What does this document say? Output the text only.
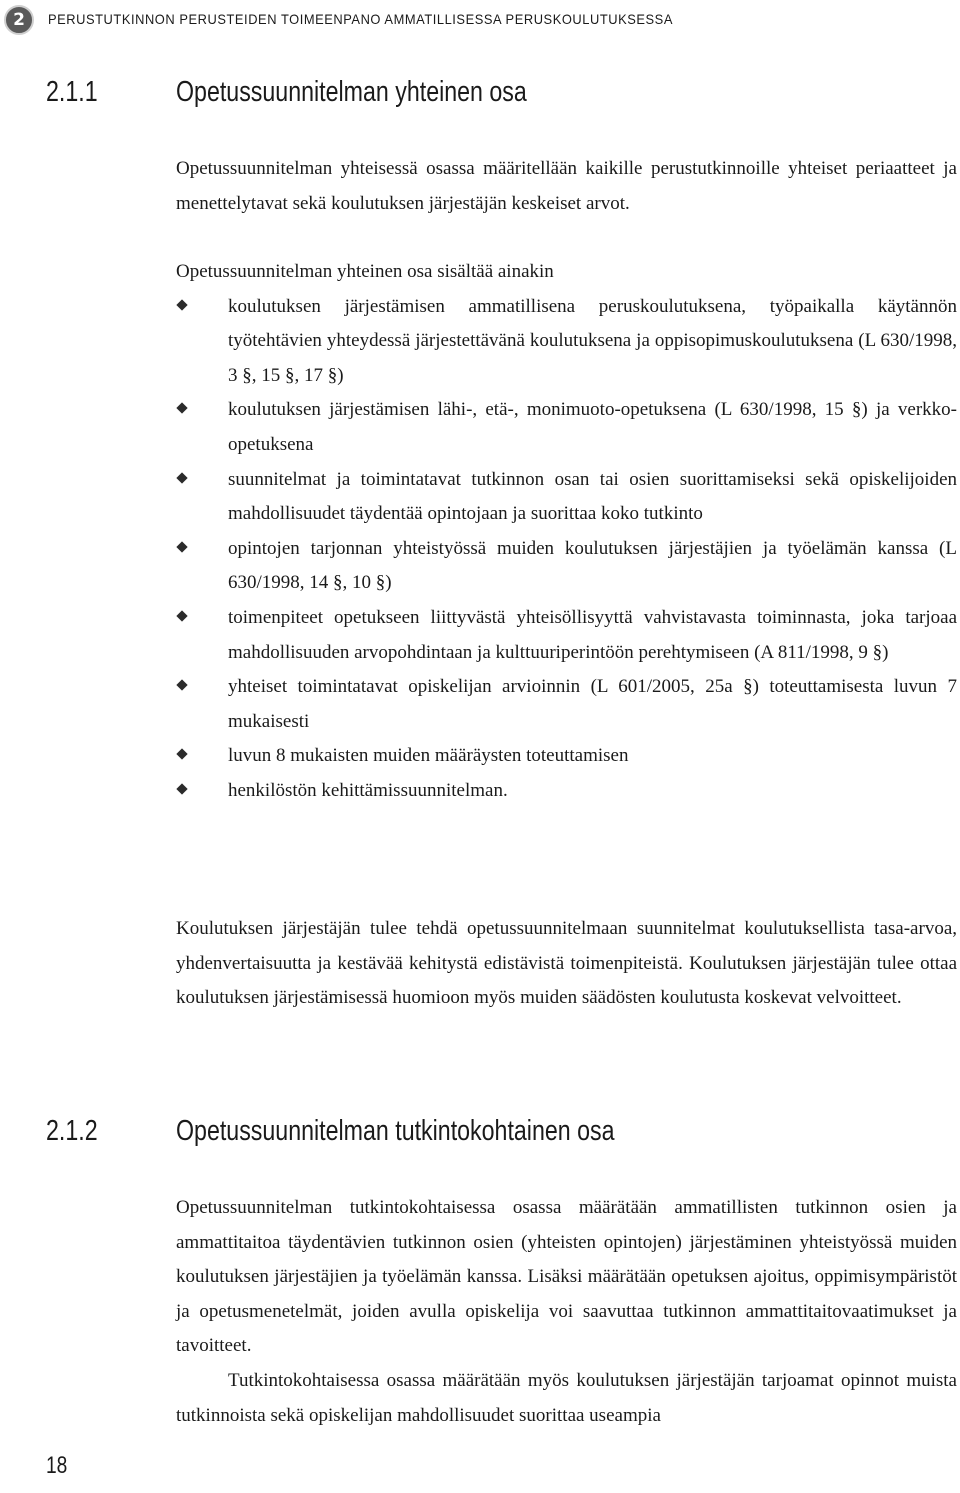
2	PERUSTUTKINNON PERUSTEIDEN TOIMEENPANO AMMATILLISESSA PERUSKOULUTUKSESSA
2.1.1	Opetussuunnitelman yhteinen osa

Opetussuunnitelman yhteisessä osassa määritellään kaikille perustutkinnoille yhteiset periaatteet ja menettelytavat sekä koulutuksen järjestäjän keskeiset arvot.

Opetussuunnitelman yhteinen osa sisältää ainakin

koulutuksen järjestämisen ammatillisena peruskoulutuksena, työpaikalla käytännön työtehtävien yhteydessä järjestettävänä koulutuksena ja oppisopimuskoulutuksena (L 630/1998, 3 §, 15 §, 17 §)
koulutuksen järjestämisen lähi-, etä-, monimuoto-opetuksena (L 630/1998, 15 §) ja verkko-opetuksena
suunnitelmat ja toimintatavat tutkinnon osan tai osien suorittamiseksi sekä opiskelijoiden mahdollisuudet täydentää opintojaan ja suorittaa koko tutkinto
opintojen tarjonnan yhteistyössä muiden koulutuksen järjestäjien ja työelämän kanssa (L 630/1998, 14 §, 10 §)
toimenpiteet opetukseen liittyvästä yhteisöllisyyttä vahvistavasta toiminnasta, joka tarjoaa mahdollisuuden arvopohdintaan ja kulttuuriperintöön perehtymiseen (A 811/1998, 9 §)
yhteiset toimintatavat opiskelijan arvioinnin (L 601/2005, 25a §) toteuttamisesta luvun 7 mukaisesti
luvun 8 mukaisten muiden määräysten toteuttamisen
henkilöstön kehittämissuunnitelman.

Koulutuksen järjestäjän tulee tehdä opetussuunnitelmaan suunnitelmat koulutuksellista tasa-arvoa, yhdenvertaisuutta ja kestävää kehitystä edistävistä toimenpiteistä. Koulutuksen järjestäjän tulee ottaa koulutuksen järjestämisessä huomioon myös muiden säädösten koulutusta koskevat velvoitteet.

2.1.2	Opetussuunnitelman tutkintokohtainen osa

Opetussuunnitelman tutkintokohtaisessa osassa määrätään ammatillisten tutkinnon osien ja ammattitaitoa täydentävien tutkinnon osien (yhteisten opintojen) järjestäminen yhteistyössä muiden koulutuksen järjestäjien ja työelämän kanssa. Lisäksi määrätään opetuksen ajoitus, oppimisympäristöt ja opetusmenetelmät, joiden avulla opiskelija voi saavuttaa tutkinnon ammattitaitovaatimukset ja tavoitteet.

Tutkintokohtaisessa osassa määrätään myös koulutuksen järjestäjän tarjoamat opinnot muista tutkinnoista sekä opiskelijan mahdollisuudet suorittaa useampia

18
